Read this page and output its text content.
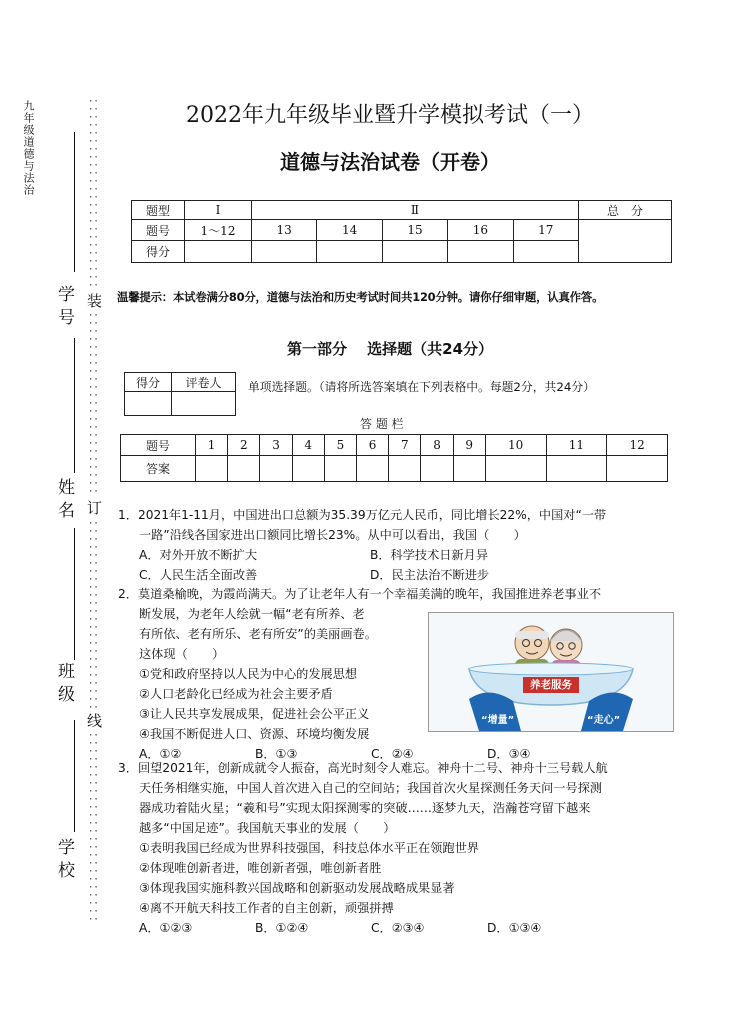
九年级道德与法治
学号
姓名
班级
学校
················································
装
··············································
订
················································
线
················································
2022年九年级毕业暨升学模拟考试（一）
道德与法治试卷（开卷）
题型	Ⅰ	Ⅱ					总　分
题号	1～12	13	14	15	16	17	
得分							
温馨提示：本试卷满分80分，道德与法治和历史考试时间共120分钟。请你仔细审题，认真作答。
第一部分　 选择题（共24分）
得分	评卷人
	单项选择题。（请将所选答案填在下列表格中。每题2分，共24分）
答 题 栏
题号	1	2	3	4	5	6	7	8	9	10	11	12
答案												

1．2021年1-11月，中国进出口总额为35.39万亿元人民币，同比增长22%，中国对“一带

一路”沿线各国家进出口额同比增长23%。从中可以看出，我国（　　）

A．对外开放不断扩大	B．科学技术日新月异
C．人民生活全面改善	D．民主法治不断进步

2．莫道桑榆晚，为霞尚满天。为了让老年人有一个幸福美满的晚年，我国推进养老事业不

断发展，为老年人绘就一幅“老有所养、老

有所依、老有所乐、老有所安”的美丽画卷。

这体现（　　）

①党和政府坚持以人民为中心的发展思想

②人口老龄化已经成为社会主要矛盾

③让人民共享发展成果，促进社会公平正义

④我国不断促进人口、资源、环境均衡发展

A．①②	B．①③	C．②④	D．③④
养老服务
“增量”	“走心”

3．回望2021年，创新成就令人振奋，高光时刻令人难忘。神舟十二号、神舟十三号载人航

天任务相继实施，中国人首次进入自己的空间站；我国首次火星探测任务天问一号探测

器成功着陆火星；“羲和号”实现太阳探测零的突破……逐梦九天，浩瀚苍穹留下越来

越多“中国足迹”。我国航天事业的发展（　　）

①表明我国已经成为世界科技强国，科技总体水平正在领跑世界

②体现唯创新者进，唯创新者强，唯创新者胜

③体现我国实施科教兴国战略和创新驱动发展战略成果显著

④离不开航天科技工作者的自主创新，顽强拼搏

A．①②③	B．①②④	C．②③④	D．①③④
